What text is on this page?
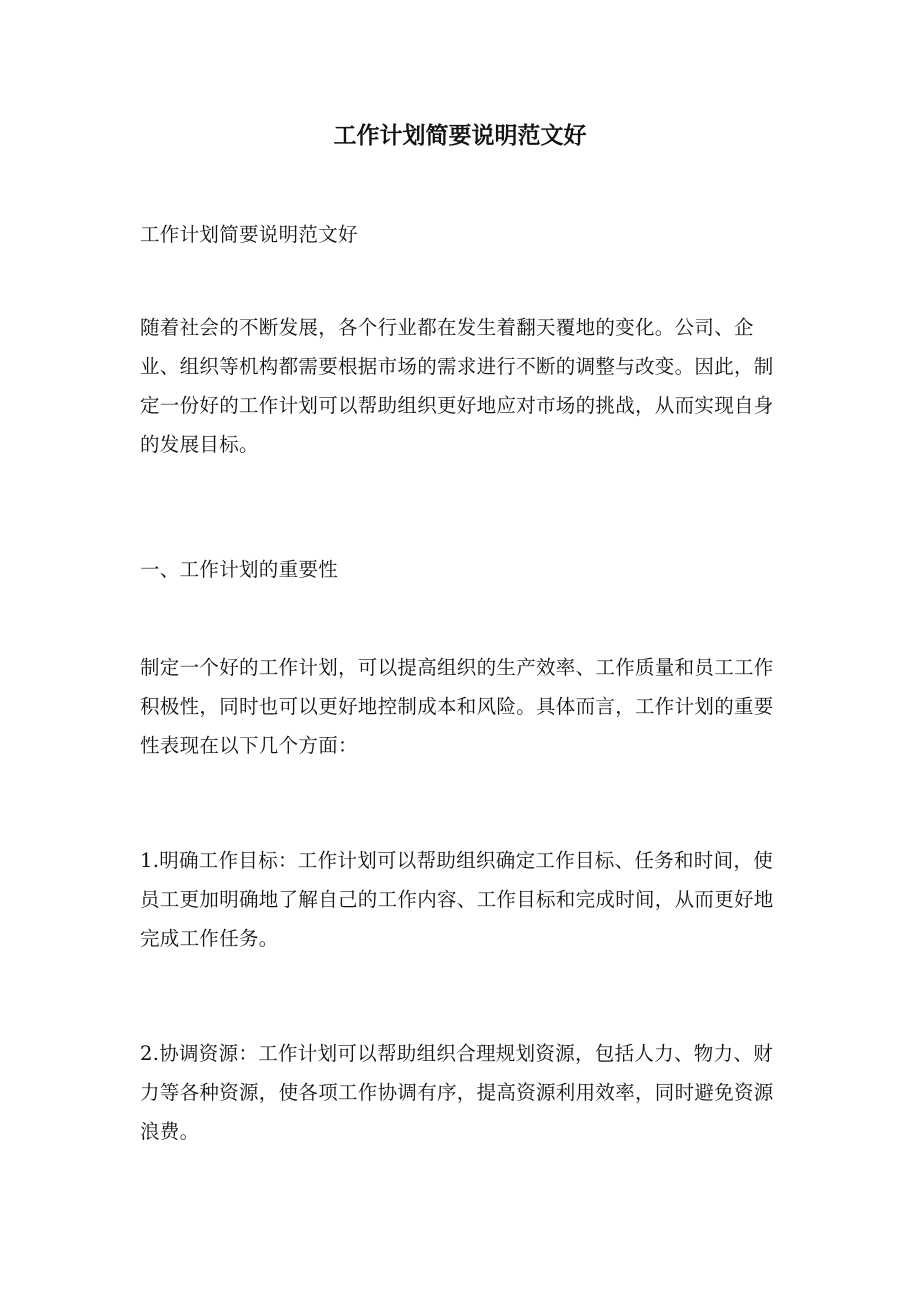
工作计划简要说明范文好

工作计划简要说明范文好

随着社会的不断发展，各个行业都在发生着翻天覆地的变化。公司、企业、组织等机构都需要根据市场的需求进行不断的调整与改变。因此，制定一份好的工作计划可以帮助组织更好地应对市场的挑战，从而实现自身的发展目标。

一、工作计划的重要性

制定一个好的工作计划，可以提高组织的生产效率、工作质量和员工工作积极性，同时也可以更好地控制成本和风险。具体而言，工作计划的重要性表现在以下几个方面：

1.明确工作目标：工作计划可以帮助组织确定工作目标、任务和时间，使员工更加明确地了解自己的工作内容、工作目标和完成时间，从而更好地完成工作任务。

2.协调资源：工作计划可以帮助组织合理规划资源，包括人力、物力、财力等各种资源，使各项工作协调有序，提高资源利用效率，同时避免资源浪费。
